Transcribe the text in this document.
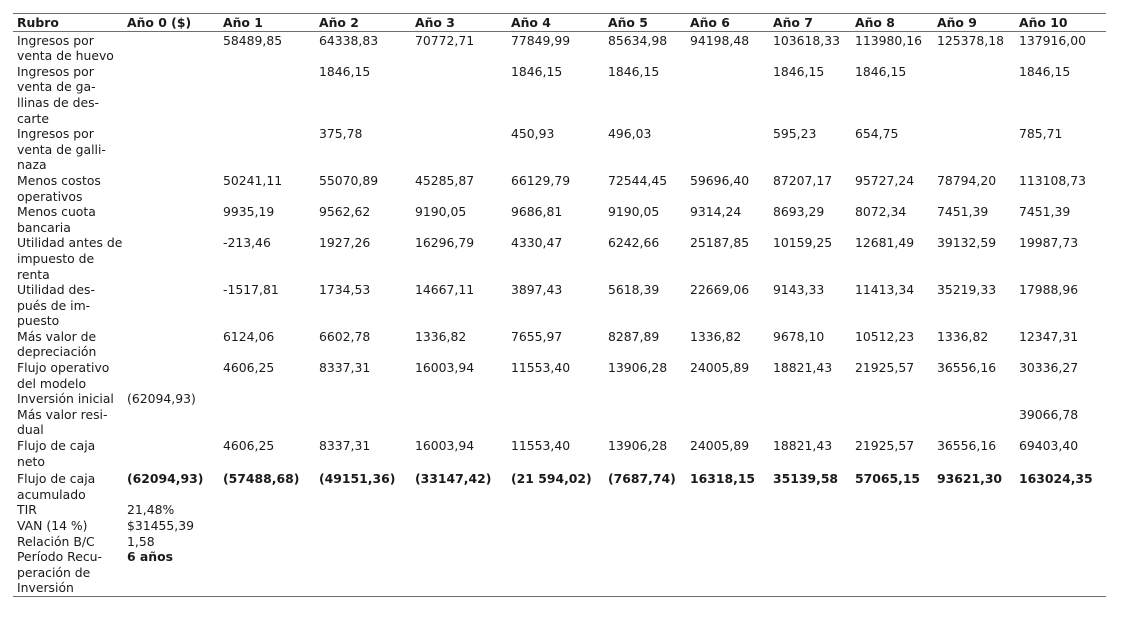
Rubro	Año 0 ($)	Año 1	Año 2	Año 3	Año 4	Año 5	Año 6	Año 7	Año 8	Año 9	Año 10
Ingresos por venta de huevo		58489,85	64338,83	70772,71	77849,99	85634,98	94198,48	103618,33	113980,16	125378,18	137916,00
Ingresos por venta de ga-llinas de des-carte			1846,15		1846,15	1846,15		1846,15	1846,15		1846,15
Ingresos por venta de galli-naza			375,78		450,93	496,03		595,23	654,75		785,71
Menos costos operativos		50241,11	55070,89	45285,87	66129,79	72544,45	59696,40	87207,17	95727,24	78794,20	113108,73
Menos cuota bancaria		9935,19	9562,62	9190,05	9686,81	9190,05	9314,24	8693,29	8072,34	7451,39	7451,39
Utilidad antes de impuesto de renta		-213,46	1927,26	16296,79	4330,47	6242,66	25187,85	10159,25	12681,49	39132,59	19987,73
Utilidad des-pués de im-puesto		-1517,81	1734,53	14667,11	3897,43	5618,39	22669,06	9143,33	11413,34	35219,33	17988,96
Más valor de depreciación		6124,06	6602,78	1336,82	7655,97	8287,89	1336,82	9678,10	10512,23	1336,82	12347,31
Flujo operativo del modelo		4606,25	8337,31	16003,94	11553,40	13906,28	24005,89	18821,43	21925,57	36556,16	30336,27
Inversión inicial	(62094,93)										
Más valor resi-dual											39066,78
Flujo de caja neto		4606,25	8337,31	16003,94	11553,40	13906,28	24005,89	18821,43	21925,57	36556,16	69403,40
Flujo de caja acumulado	(62094,93)	(57488,68)	(49151,36)	(33147,42)	(21 594,02)	(7687,74)	16318,15	35139,58	57065,15	93621,30	163024,35
TIR	21,48%										
VAN (14 %)	$31455,39										
Relación B/C	1,58										
Período Recu-peración de Inversión	6 años										
